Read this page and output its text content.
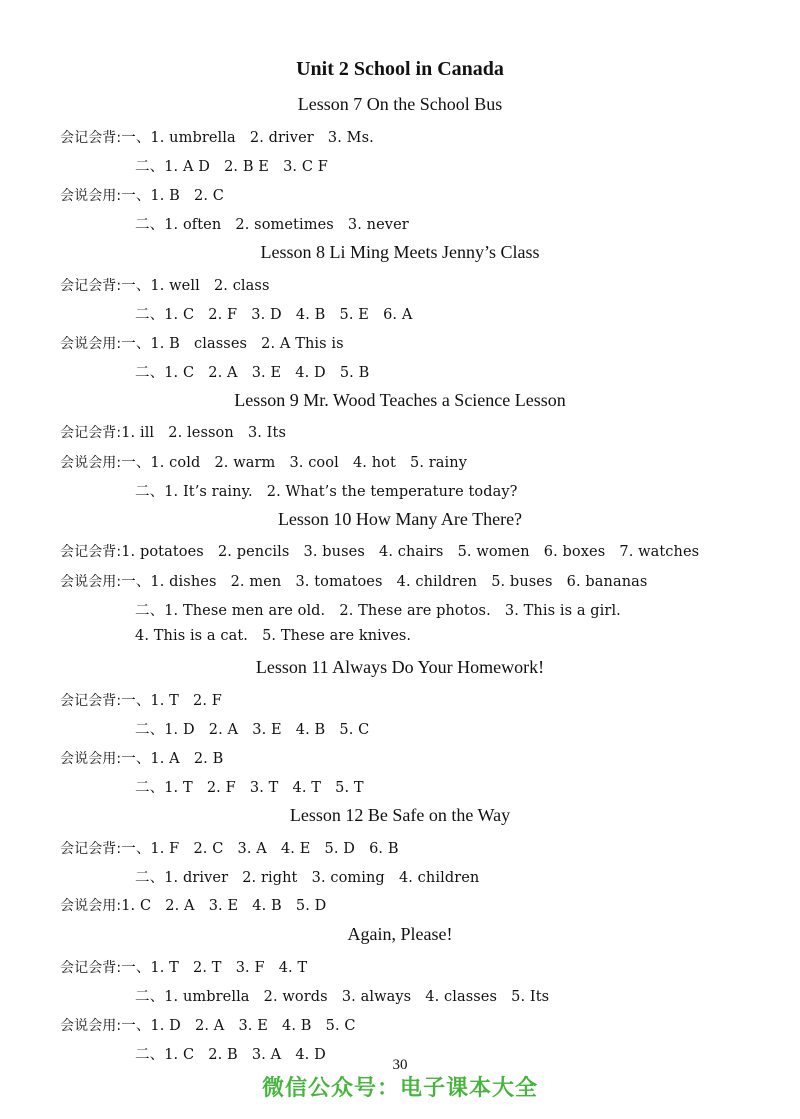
Unit 2 School in Canada
Lesson 7 On the School Bus
会记会背:一、1. umbrella   2. driver   3. Ms.
二、1. A D   2. B E   3. C F
会说会用:一、1. B   2. C
二、1. often   2. sometimes   3. never
Lesson 8 Li Ming Meets Jenny’s Class
会记会背:一、1. well   2. class
二、1. C   2. F   3. D   4. B   5. E   6. A
会说会用:一、1. B   classes   2. A This is
二、1. C   2. A   3. E   4. D   5. B
Lesson 9 Mr. Wood Teaches a Science Lesson
会记会背:1. ill   2. lesson   3. Its
会说会用:一、1. cold   2. warm   3. cool   4. hot   5. rainy
二、1. It’s rainy.   2. What’s the temperature today?
Lesson 10 How Many Are There?
会记会背:1. potatoes   2. pencils   3. buses   4. chairs   5. women   6. boxes   7. watches
会说会用:一、1. dishes   2. men   3. tomatoes   4. children   5. buses   6. bananas
二、1. These men are old.   2. These are photos.   3. This is a girl.
4. This is a cat.   5. These are knives.
Lesson 11 Always Do Your Homework!
会记会背:一、1. T   2. F
二、1. D   2. A   3. E   4. B   5. C
会说会用:一、1. A   2. B
二、1. T   2. F   3. T   4. T   5. T
Lesson 12 Be Safe on the Way
会记会背:一、1. F   2. C   3. A   4. E   5. D   6. B
二、1. driver   2. right   3. coming   4. children
会说会用:1. C   2. A   3. E   4. B   5. D
Again, Please!
会记会背:一、1. T   2. T   3. F   4. T
二、1. umbrella   2. words   3. always   4. classes   5. Its
会说会用:一、1. D   2. A   3. E   4. B   5. C
二、1. C   2. B   3. A   4. D
30
微信公众号：电子课本大全
